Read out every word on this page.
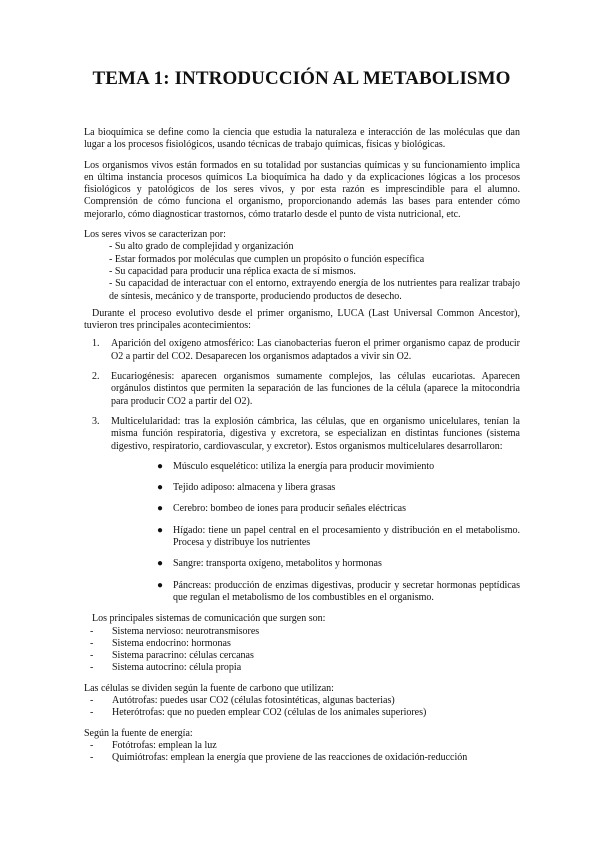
TEMA 1: INTRODUCCIÓN AL METABOLISMO

La bioquímica se define como la ciencia que estudia la naturaleza e interacción de las moléculas que dan lugar a los procesos fisiológicos, usando técnicas de trabajo químicas, físicas y biológicas.

Los organismos vivos están formados en su totalidad por sustancias químicas y su funcionamiento implica en última instancia procesos químicos La bioquímica ha dado y da explicaciones lógicas a los procesos fisiológicos y patológicos de los seres vivos, y por esta razón es imprescindible para el alumno. Comprensión de cómo funciona el organismo, proporcionando además las bases para entender cómo mejorarlo, cómo diagnosticar trastornos, cómo tratarlo desde el punto de vista nutricional, etc.

Los seres vivos se caracterizan por:

- Su alto grado de complejidad y organización

- Estar formados por moléculas que cumplen un propósito o función específica

- Su capacidad para producir una réplica exacta de sí mismos.

- Su capacidad de interactuar con el entorno, extrayendo energía de los nutrientes para realizar trabajo de síntesis, mecánico y de transporte, produciendo productos de desecho.

Durante el proceso evolutivo desde el primer organismo, LUCA (Last Universal Common Ancestor), tuvieron tres principales acontecimientos:

1. Aparición del oxígeno atmosférico: Las cianobacterias fueron el primer organismo capaz de producir O2 a partir del CO2. Desaparecen los organismos adaptados a vivir sin O2.
2. Eucariogénesis: aparecen organismos sumamente complejos, las células eucariotas. Aparecen orgánulos distintos que permiten la separación de las funciones de la célula (aparece la mitocondria para producir CO2 a partir del O2).
3. Multicelularidad: tras la explosión cámbrica, las células, que en organismo unicelulares, tenían la misma función respiratoria, digestiva y excretora, se especializan en distintas funciones (sistema digestivo, respiratorio, cardiovascular, y excretor). Estos organismos multicelulares desarrollaron:
● Músculo esquelético: utiliza la energía para producir movimiento
● Tejido adiposo: almacena y libera grasas
● Cerebro: bombeo de iones para producir señales eléctricas
● Hígado: tiene un papel central en el procesamiento y distribución en el metabolismo. Procesa y distribuye los nutrientes
● Sangre: transporta oxígeno, metabolitos y hormonas
● Páncreas: producción de enzimas digestivas, producir y secretar hormonas peptídicas que regulan el metabolismo de los combustibles en el organismo.

Los principales sistemas de comunicación que surgen son:

- Sistema nervioso: neurotransmisores
- Sistema endocrino: hormonas
- Sistema paracrino: células cercanas
- Sistema autocrino: célula propia

Las células se dividen según la fuente de carbono que utilizan:

- Autótrofas: puedes usar CO2 (células fotosintéticas, algunas bacterias)
- Heterótrofas: que no pueden emplear CO2 (células de los animales superiores)

Según la fuente de energía:

- Fotótrofas: emplean la luz
- Quimiótrofas: emplean la energía que proviene de las reacciones de oxidación-reducción
